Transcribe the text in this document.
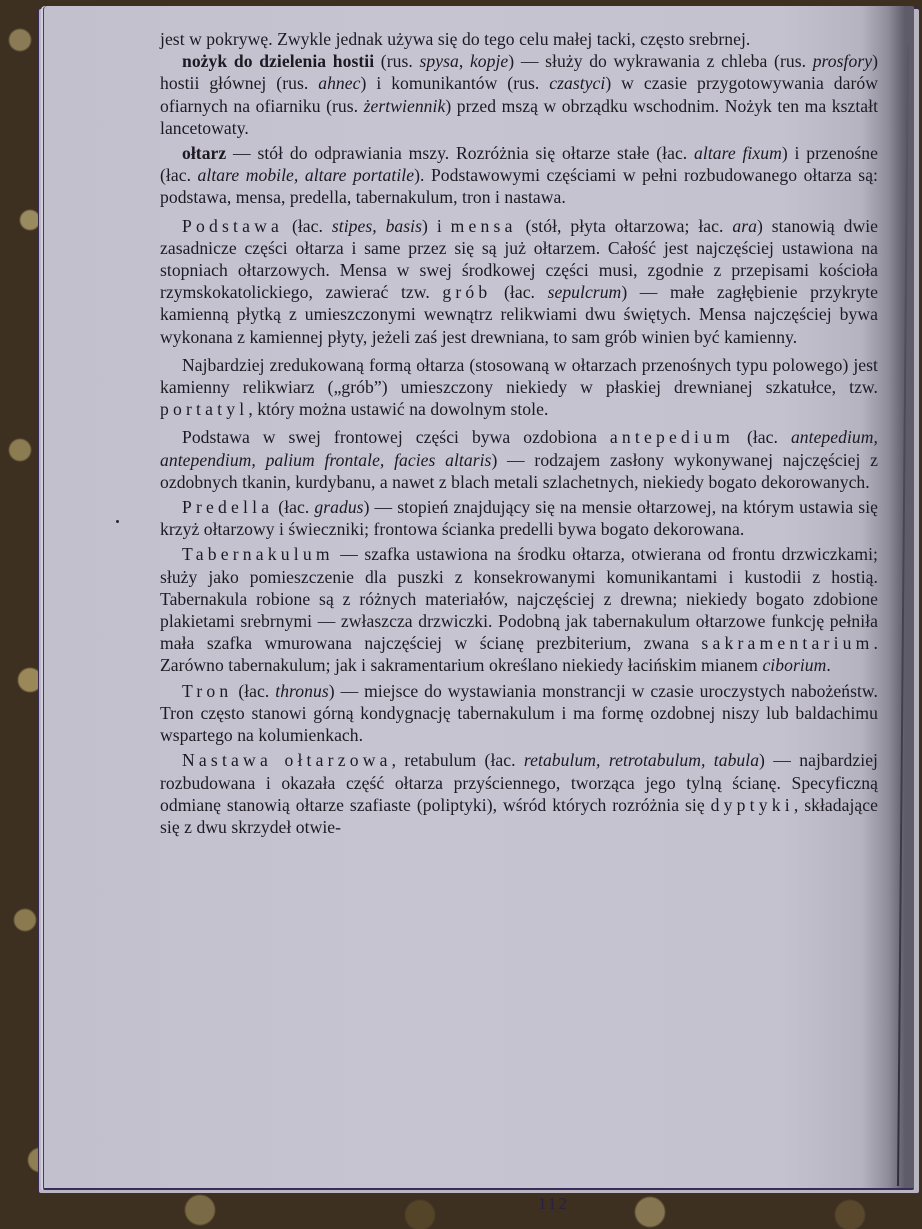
jest w pokrywę. Zwykle jednak używa się do tego celu małej tacki, często srebrnej.

nożyk do dzielenia hostii (rus. spysa, kopje) — służy do wykrawania z chleba (rus. prosfory) hostii głównej (rus. ahnec) i komunikantów (rus. czastyci) w czasie przygotowywania darów ofiarnych na ofiarniku (rus. żertwiennik) przed mszą w obrządku wschodnim. Nożyk ten ma kształt lancetowaty.

ołtarz — stół do odprawiania mszy. Rozróżnia się ołtarze stałe (łac. altare fixum) i przenośne (łac. altare mobile, altare portatile). Podstawowymi częściami w pełni rozbudowanego ołtarza są: podstawa, mensa, predella, tabernakulum, tron i nastawa.

Podstawa (łac. stipes, basis) i mensa (stół, płyta ołtarzowa; łac. ara) stanowią dwie zasadnicze części ołtarza i same przez się są już ołtarzem. Całość jest najczęściej ustawiona na stopniach ołtarzowych. Mensa w swej środkowej części musi, zgodnie z przepisami kościoła rzymskokatolickiego, zawierać tzw. grób (łac. sepulcrum) — małe zagłębienie przykryte kamienną płytką z umieszczonymi wewnątrz relikwiami dwu świętych. Mensa najczęściej bywa wykonana z kamiennej płyty, jeżeli zaś jest drewniana, to sam grób winien być kamienny.

Najbardziej zredukowaną formą ołtarza (stosowaną w ołtarzach przenośnych typu polowego) jest kamienny relikwiarz („grób”) umieszczony niekiedy w płaskiej drewnianej szkatułce, tzw. portatyl, który można ustawić na dowolnym stole.

Podstawa w swej frontowej części bywa ozdobiona antepedium (łac. antepedium, antependium, palium frontale, facies altaris) — rodzajem zasłony wykonywanej najczęściej z ozdobnych tkanin, kurdybanu, a nawet z blach metali szlachetnych, niekiedy bogato dekorowanych.

Predella (łac. gradus) — stopień znajdujący się na mensie ołtarzowej, na którym ustawia się krzyż ołtarzowy i świeczniki; frontowa ścianka predelli bywa bogato dekorowana.

Tabernakulum — szafka ustawiona na środku ołtarza, otwierana od frontu drzwiczkami; służy jako pomieszczenie dla puszki z konsekrowanymi komunikantami i kustodii z hostią. Tabernakula robione są z różnych materiałów, najczęściej z drewna; niekiedy bogato zdobione plakietami srebrnymi — zwłaszcza drzwiczki. Podobną jak tabernakulum ołtarzowe funkcję pełniła mała szafka wmurowana najczęściej w ścianę prezbiterium, zwana sakramentarium. Zarówno tabernakulum; jak i sakramentarium określano niekiedy łacińskim mianem ciborium.

Tron (łac. thronus) — miejsce do wystawiania monstrancji w czasie uroczystych nabożeństw. Tron często stanowi górną kondygnację tabernakulum i ma formę ozdobnej niszy lub baldachimu wspartego na kolumienkach.

Nastawa ołtarzowa, retabulum (łac. retabulum, retrotabulum, tabula) — najbardziej rozbudowana i okazała część ołtarza przyściennego, tworząca jego tylną ścianę. Specyficzną odmianę stanowią ołtarze szafiaste (poliptyki), wśród których rozróżnia się dyptyki, składające się z dwu skrzydeł otwie-

112
